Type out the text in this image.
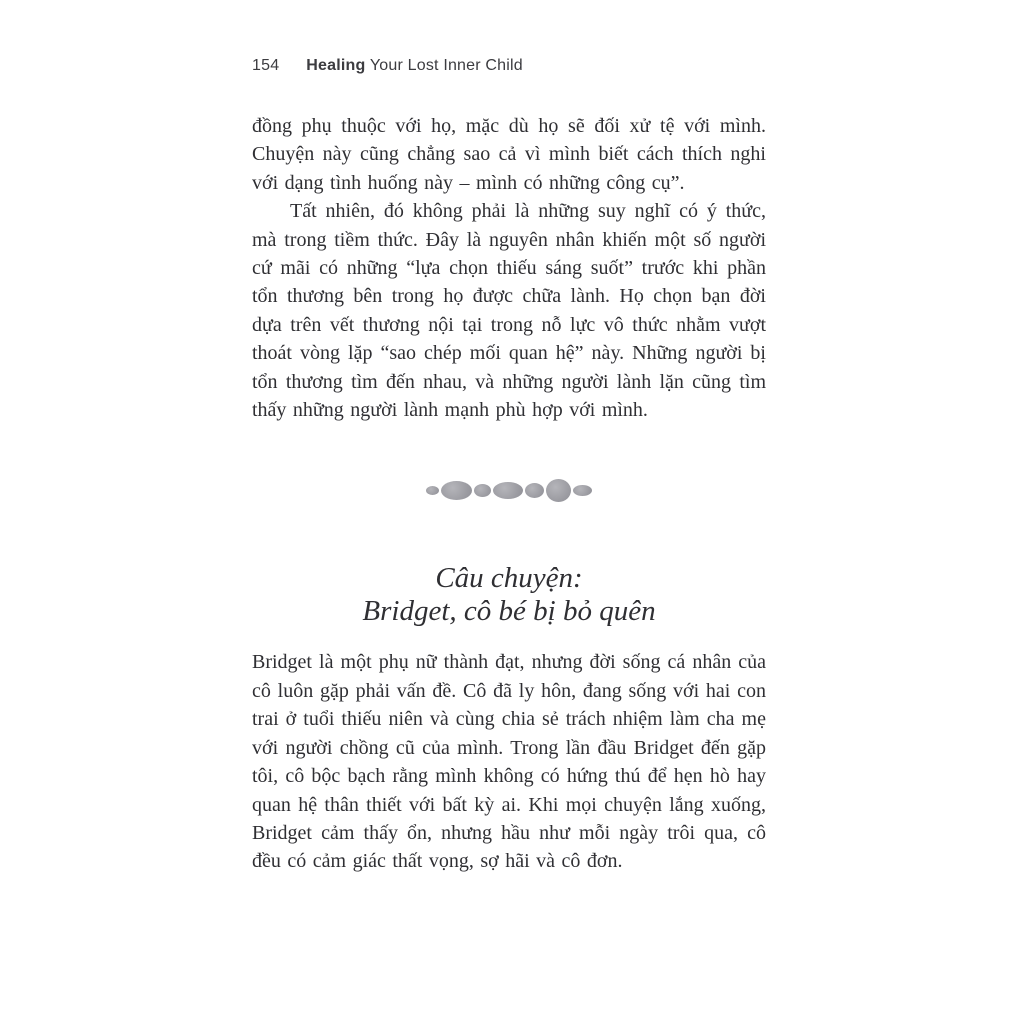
154 Healing Your Lost Inner Child

đồng phụ thuộc với họ, mặc dù họ sẽ đối xử tệ với mình. Chuyện này cũng chẳng sao cả vì mình biết cách thích nghi với dạng tình huống này – mình có những công cụ”.

Tất nhiên, đó không phải là những suy nghĩ có ý thức, mà trong tiềm thức. Đây là nguyên nhân khiến một số người cứ mãi có những “lựa chọn thiếu sáng suốt” trước khi phần tổn thương bên trong họ được chữa lành. Họ chọn bạn đời dựa trên vết thương nội tại trong nỗ lực vô thức nhằm vượt thoát vòng lặp “sao chép mối quan hệ” này. Những người bị tổn thương tìm đến nhau, và những người lành lặn cũng tìm thấy những người lành mạnh phù hợp với mình.

Câu chuyện:
Bridget, cô bé bị bỏ quên

Bridget là một phụ nữ thành đạt, nhưng đời sống cá nhân của cô luôn gặp phải vấn đề. Cô đã ly hôn, đang sống với hai con trai ở tuổi thiếu niên và cùng chia sẻ trách nhiệm làm cha mẹ với người chồng cũ của mình. Trong lần đầu Bridget đến gặp tôi, cô bộc bạch rằng mình không có hứng thú để hẹn hò hay quan hệ thân thiết với bất kỳ ai. Khi mọi chuyện lắng xuống, Bridget cảm thấy ổn, nhưng hầu như mỗi ngày trôi qua, cô đều có cảm giác thất vọng, sợ hãi và cô đơn.
